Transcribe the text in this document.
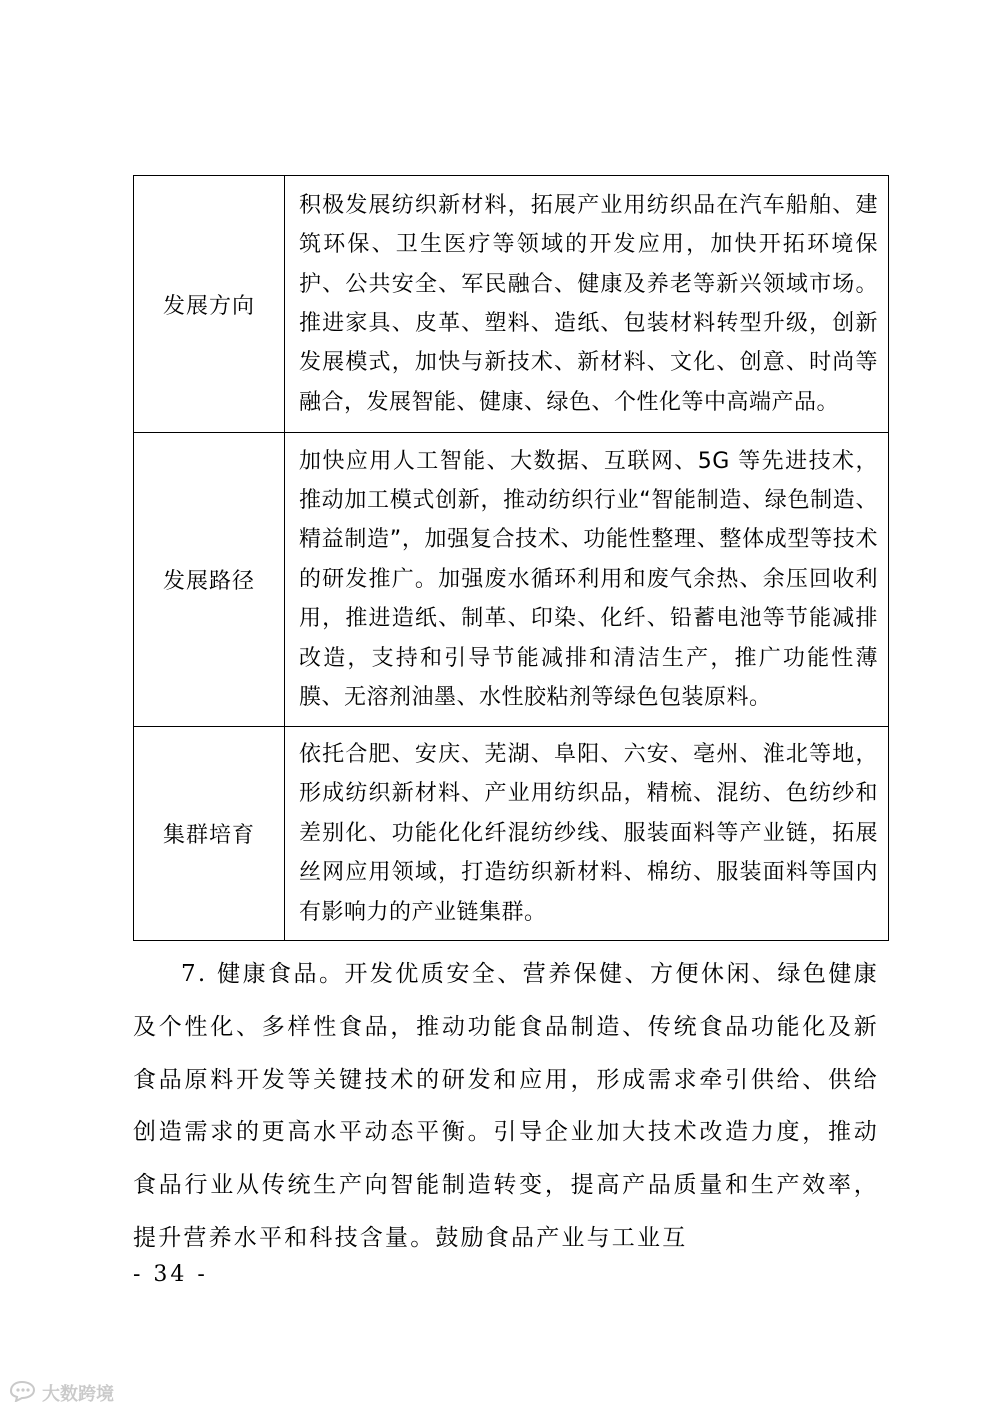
发展方向	积极发展纺织新材料，拓展产业用纺织品在汽车船舶、建筑环保、卫生医疗等领域的开发应用，加快开拓环境保护、公共安全、军民融合、健康及养老等新兴领域市场。推进家具、皮革、塑料、造纸、包装材料转型升级，创新发展模式，加快与新技术、新材料、文化、创意、时尚等融合，发展智能、健康、绿色、个性化等中高端产品。
发展路径	加快应用人工智能、大数据、互联网、5G 等先进技术，推动加工模式创新，推动纺织行业“智能制造、绿色制造、精益制造”，加强复合技术、功能性整理、整体成型等技术的研发推广。加强废水循环利用和废气余热、余压回收利用，推进造纸、制革、印染、化纤、铅蓄电池等节能减排改造，支持和引导节能减排和清洁生产，推广功能性薄膜、无溶剂油墨、水性胶粘剂等绿色包装原料。
集群培育	依托合肥、安庆、芜湖、阜阳、六安、亳州、淮北等地，形成纺织新材料、产业用纺织品，精梳、混纺、色纺纱和差别化、功能化化纤混纺纱线、服装面料等产业链，拓展丝网应用领域，打造纺织新材料、棉纺、服装面料等国内有影响力的产业链集群。
7. 健康食品。开发优质安全、营养保健、方便休闲、绿色健康及个性化、多样性食品，推动功能食品制造、传统食品功能化及新食品原料开发等关键技术的研发和应用，形成需求牵引供给、供给创造需求的更高水平动态平衡。引导企业加大技术改造力度，推动食品行业从传统生产向智能制造转变，提高产品质量和生产效率，提升营养水平和科技含量。鼓励食品产业与工业互
- 34 -
大数跨境
